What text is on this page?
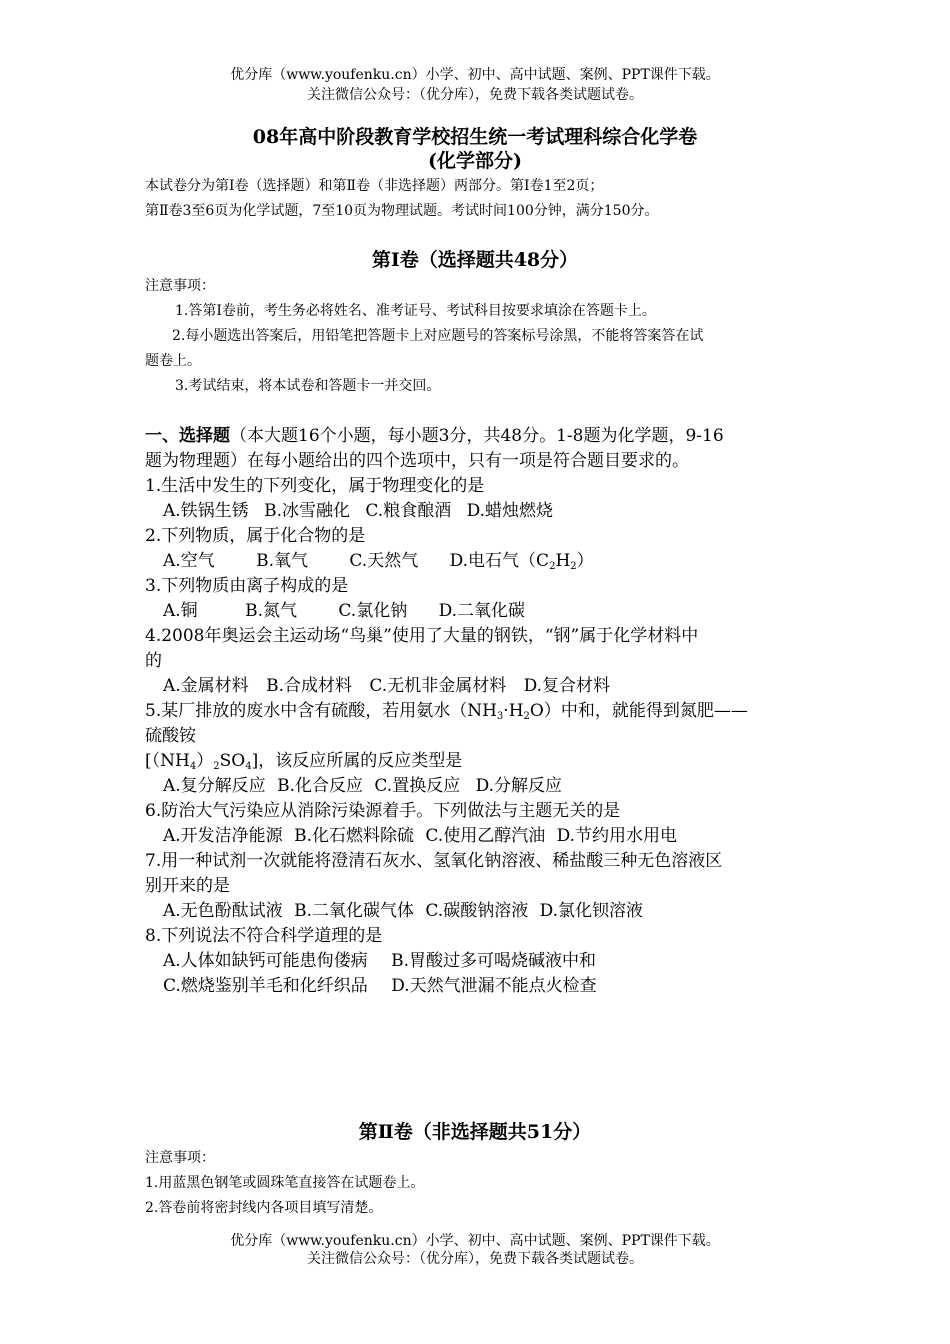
优分库（www.youfenku.cn）小学、初中、高中试题、案例、PPT课件下载。
关注微信公众号：（优分库），免费下载各类试题试卷。
08年高中阶段教育学校招生统一考试理科综合化学卷
(化学部分)
本试卷分为第Ⅰ卷（选择题）和第Ⅱ卷（非选择题）两部分。第Ⅰ卷1至2页；
第Ⅱ卷3至6页为化学试题，7至10页为物理试题。考试时间100分钟，满分150分。
第Ⅰ卷（选择题共48分）
注意事项：
1.答第Ⅰ卷前，考生务必将姓名、准考证号、考试科目按要求填涂在答题卡上。
2.每小题选出答案后，用铅笔把答题卡上对应题号的答案标号涂黑，不能将答案答在试
题卷上。
3.考试结束，将本试卷和答题卡一并交回。
一、选择题（本大题16个小题，每小题3分，共48分。1-8题为化学题，9-16
题为物理题）在每小题给出的四个选项中，只有一项是符合题目要求的。
1.生活中发生的下列变化，属于物理变化的是
A.铁锅生锈 B.冰雪融化 C.粮食酿酒 D.蜡烛燃烧
2.下列物质，属于化合物的是
A.空气 B.氧气 C.天然气 D.电石气$(C_2H_2)$
3.下列物质由离子构成的是
A.铜	B.氮气 C.氯化钠 D.二氧化碳
4.2008年奥运会主运动场“鸟巢”使用了大量的钢铁，“钢”属于化学材料中
的
A.金属材料 B.合成材料 C.无机非金属材料 D.复合材料
5.某厂排放的废水中含有硫酸，若用氨水$(NH_3\cdot H_2O)$中和，就能得到氮肥——
硫酸铵
$[(NH_4)_2SO_4]$，该反应所属的反应类型是
A.复分解反应 B.化合反应 C.置换反应 D.分解反应
6.防治大气污染应从消除污染源着手。下列做法与主题无关的是
A.开发洁净能源 B.化石燃料除硫 C.使用乙醇汽油 D.节约用水用电
7.用一种试剂一次就能将澄清石灰水、氢氧化钠溶液、稀盐酸三种无色溶液区
别开来的是
A.无色酚酞试液 B.二氧化碳气体 C.碳酸钠溶液 D.氯化钡溶液
8.下列说法不符合科学道理的是
A.人体如缺钙可能患佝偻病 B.胃酸过多可喝烧碱液中和
C.燃烧鉴别羊毛和化纤织品 D.天然气泄漏不能点火检查
第Ⅱ卷（非选择题共51分）
注意事项：
1.用蓝黑色钢笔或圆珠笔直接答在试题卷上。
2.答卷前将密封线内各项目填写清楚。
优分库（www.youfenku.cn）小学、初中、高中试题、案例、PPT课件下载。
关注微信公众号：（优分库），免费下载各类试题试卷。
